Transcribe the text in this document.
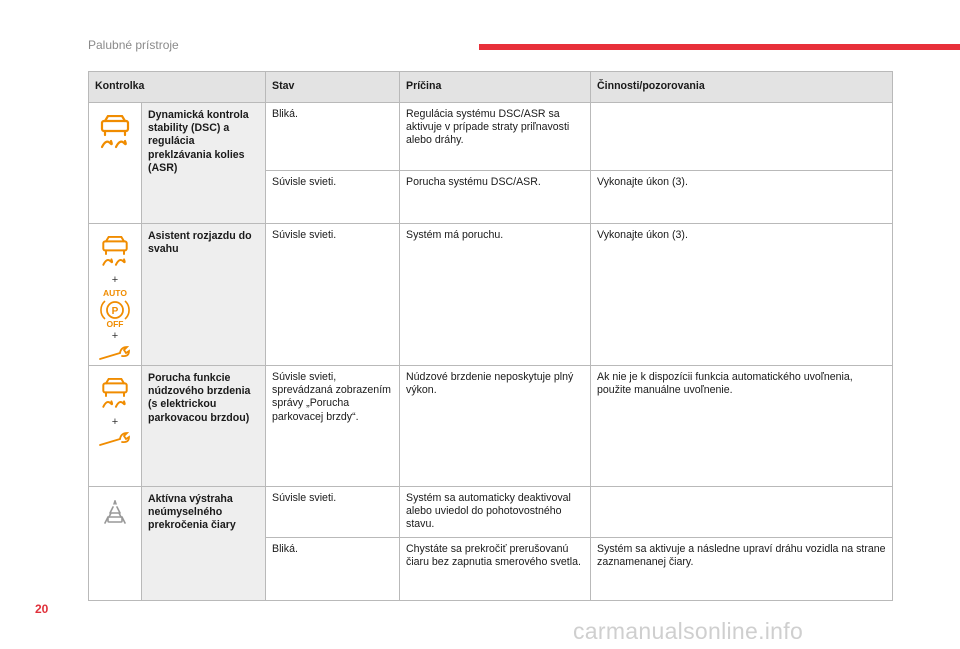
Palubné prístroje
Kontrolka		Stav	Príčina	Činnosti/pozorovania

	Dynamická kontrola stability (DSC) a regulácia preklzávania kolies (ASR)	Bliká.	Regulácia systému DSC/ASR sa aktivuje v prípade straty priľnavosti alebo dráhy.	
		Súvisle svieti.	Porucha systému DSC/ASR.	Vykonajte úkon (3).

+
AUTO
P
OFF
+	Asistent rozjazdu do svahu	Súvisle svieti.	Systém má poruchu.	Vykonajte úkon (3).

+	Porucha funkcie núdzového brzdenia (s elektrickou parkovacou brzdou)	Súvisle svieti, sprevádzaná zobrazením správy „Porucha parkovacej brzdy“.	Núdzové brzdenie neposkytuje plný výkon.	Ak nie je k dispozícii funkcia automatického uvoľnenia, použite manuálne uvoľnenie.

	Aktívna výstraha neúmyselného prekročenia čiary	Súvisle svieti.	Systém sa automaticky deaktivoval alebo uviedol do pohotovostného stavu.	
		Bliká.	Chystáte sa prekročiť prerušovanú čiaru bez zapnutia smerového svetla.	Systém sa aktivuje a následne upraví dráhu vozidla na strane zaznamenanej čiary.
20
carmanualsonline.info
